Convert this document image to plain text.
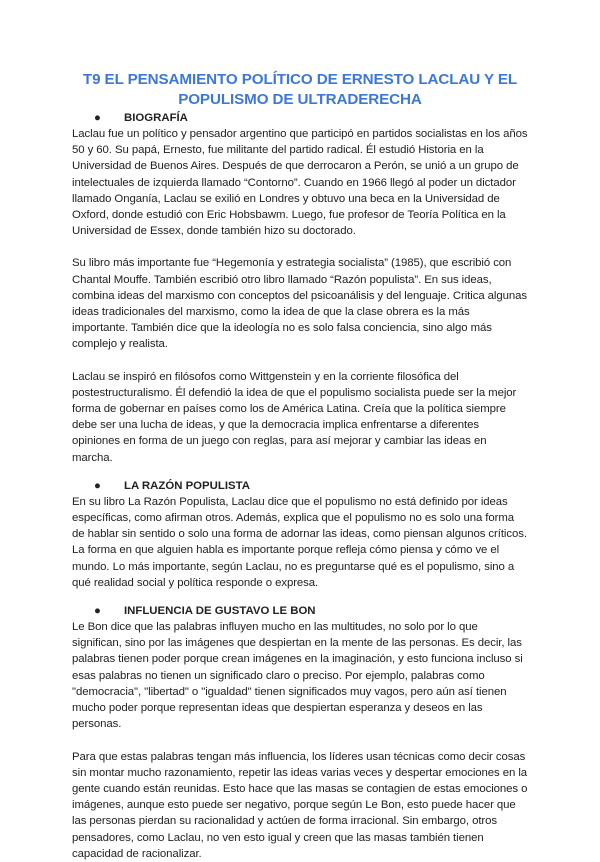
T9 EL PENSAMIENTO POLÍTICO DE ERNESTO LACLAU Y EL POPULISMO DE ULTRADERECHA
● BIOGRAFÍA

Laclau fue un político y pensador argentino que participó en partidos socialistas en los años 50 y 60. Su papá, Ernesto, fue militante del partido radical. Él estudió Historia en la Universidad de Buenos Aires. Después de que derrocaron a Perón, se unió a un grupo de intelectuales de izquierda llamado “Contorno”. Cuando en 1966 llegó al poder un dictador llamado Onganía, Laclau se exilió en Londres y obtuvo una beca en la Universidad de Oxford, donde estudió con Eric Hobsbawm. Luego, fue profesor de Teoría Política en la Universidad de Essex, donde también hizo su doctorado.

Su libro más importante fue “Hegemonía y estrategia socialista” (1985), que escribió con Chantal Mouffe. También escribió otro libro llamado “Razón populista”. En sus ideas, combina ideas del marxismo con conceptos del psicoanálisis y del lenguaje. Critica algunas ideas tradicionales del marxismo, como la idea de que la clase obrera es la más importante. También dice que la ideología no es solo falsa conciencia, sino algo más complejo y realista.

Laclau se inspiró en filósofos como Wittgenstein y en la corriente filosófica del postestructuralismo. Él defendió la idea de que el populismo socialista puede ser la mejor forma de gobernar en países como los de América Latina. Creía que la política siempre debe ser una lucha de ideas, y que la democracia implica enfrentarse a diferentes opiniones en forma de un juego con reglas, para así mejorar y cambiar las ideas en marcha.

● LA RAZÓN POPULISTA

En su libro La Razón Populista, Laclau dice que el populismo no está definido por ideas específicas, como afirman otros. Además, explica que el populismo no es solo una forma de hablar sin sentido o solo una forma de adornar las ideas, como piensan algunos críticos. La forma en que alguien habla es importante porque refleja cómo piensa y cómo ve el mundo. Lo más importante, según Laclau, no es preguntarse qué es el populismo, sino a qué realidad social y política responde o expresa.

● INFLUENCIA DE GUSTAVO LE BON

Le Bon dice que las palabras influyen mucho en las multitudes, no solo por lo que significan, sino por las imágenes que despiertan en la mente de las personas. Es decir, las palabras tienen poder porque crean imágenes en la imaginación, y esto funciona incluso si esas palabras no tienen un significado claro o preciso. Por ejemplo, palabras como "democracia", "libertad" o "igualdad" tienen significados muy vagos, pero aún así tienen mucho poder porque representan ideas que despiertan esperanza y deseos en las personas.

Para que estas palabras tengan más influencia, los líderes usan técnicas como decir cosas sin montar mucho razonamiento, repetir las ideas varias veces y despertar emociones en la gente cuando están reunidas. Esto hace que las masas se contagien de estas emociones o imágenes, aunque esto puede ser negativo, porque según Le Bon, esto puede hacer que las personas pierdan su racionalidad y actúen de forma irracional. Sin embargo, otros pensadores, como Laclau, no ven esto igual y creen que las masas también tienen capacidad de racionalizar.
